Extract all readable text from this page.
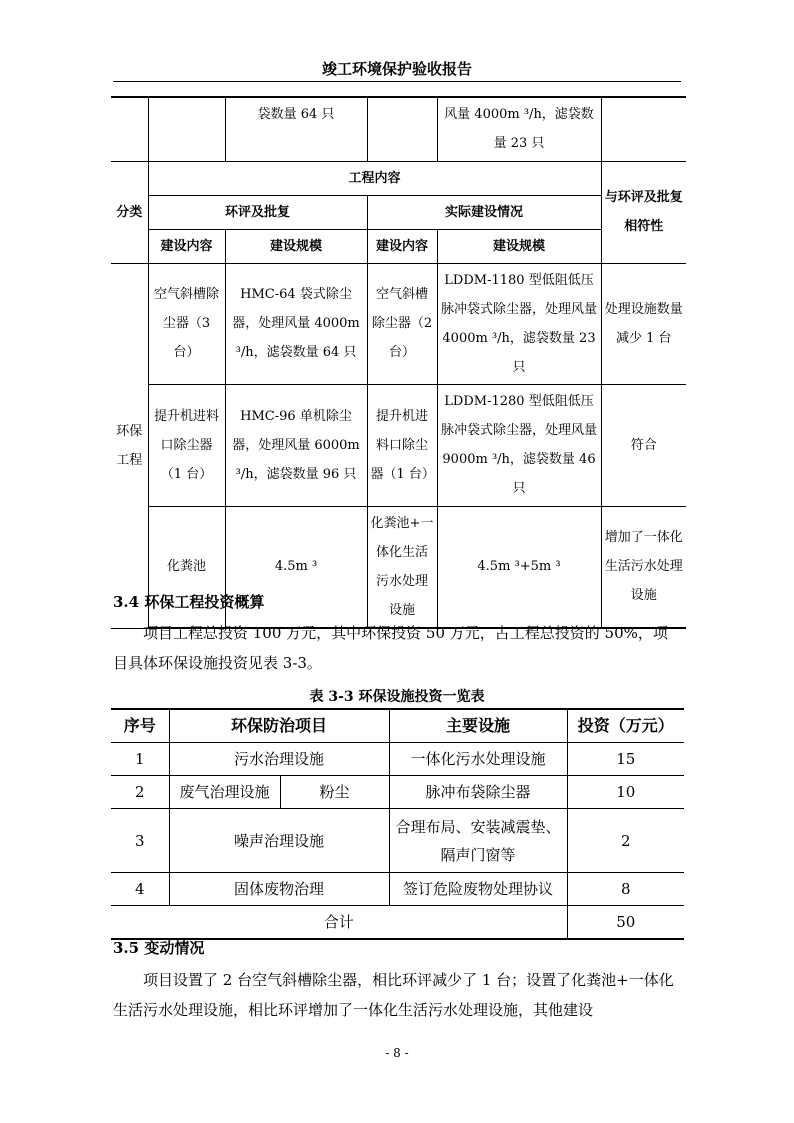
竣工环境保护验收报告
		袋数量 64 只		风量 4000m ³/h，滤袋数量 23 只	
分类	工程内容				与环评及批复相符性
	环评及批复		实际建设情况		
	建设内容	建设规模	建设内容	建设规模	
环保工程	空气斜槽除尘器（3 台）	HMC-64 袋式除尘器，处理风量 4000m ³/h，滤袋数量 64 只	空气斜槽除尘器（2 台）	LDDM-1180 型低阻低压脉冲袋式除尘器，处理风量 4000m ³/h，滤袋数量 23 只	处理设施数量减少 1 台
	提升机进料口除尘器（1 台）	HMC-96 单机除尘器，处理风量 6000m ³/h，滤袋数量 96 只	提升机进料口除尘器（1 台）	LDDM-1280 型低阻低压脉冲袋式除尘器，处理风量 9000m ³/h，滤袋数量 46 只	符合
	化粪池	4.5m ³	化粪池+一体化生活污水处理设施	4.5m ³+5m ³	增加了一体化生活污水处理设施
3.4 环保工程投资概算
项目工程总投资 100 万元，其中环保投资 50 万元，占工程总投资的 50%，项目具体环保设施投资见表 3-3。
表 3-3 环保设施投资一览表
序号	环保防治项目		主要设施	投资（万元）
1	污水治理设施		一体化污水处理设施	15
2	废气治理设施	粉尘	脉冲布袋除尘器	10
3	噪声治理设施		合理布局、安装减震垫、隔声门窗等	2
4	固体废物治理		签订危险废物处理协议	8
合计				50
3.5 变动情况
项目设置了 2 台空气斜槽除尘器，相比环评减少了 1 台；设置了化粪池+一体化生活污水处理设施，相比环评增加了一体化生活污水处理设施，其他建设
- 8 -
